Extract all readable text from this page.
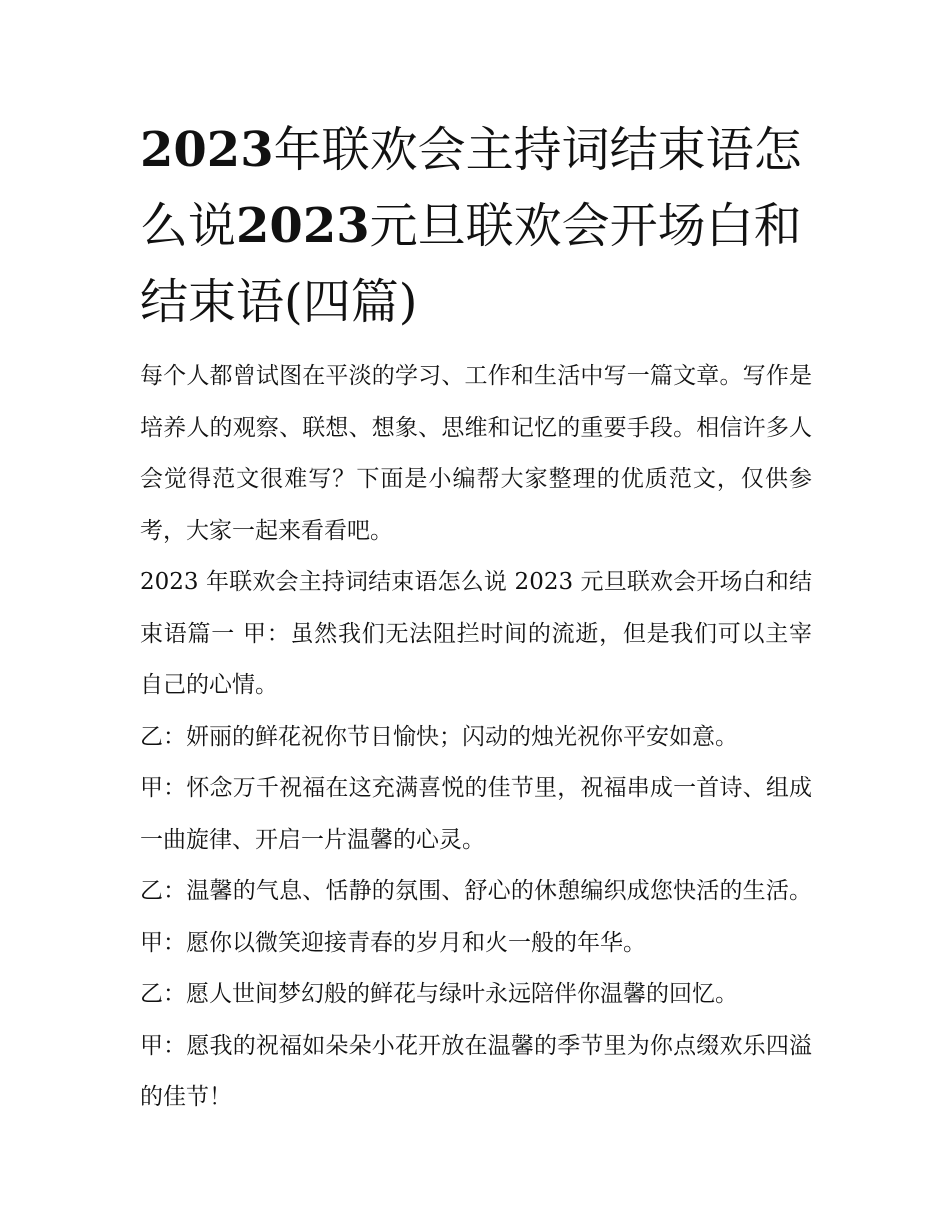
2023年联欢会主持词结束语怎么说2023元旦联欢会开场白和结束语(四篇)

每个人都曾试图在平淡的学习、工作和生活中写一篇文章。写作是培养人的观察、联想、想象、思维和记忆的重要手段。相信许多人会觉得范文很难写？下面是小编帮大家整理的优质范文，仅供参考，大家一起来看看吧。

2023 年联欢会主持词结束语怎么说 2023 元旦联欢会开场白和结束语篇一 甲：虽然我们无法阻拦时间的流逝，但是我们可以主宰自己的心情。

乙：妍丽的鲜花祝你节日愉快；闪动的烛光祝你平安如意。

甲：怀念万千祝福在这充满喜悦的佳节里，祝福串成一首诗、组成一曲旋律、开启一片温馨的心灵。

乙：温馨的气息、恬静的氛围、舒心的休憩编织成您快活的生活。 甲：愿你以微笑迎接青春的岁月和火一般的年华。

乙：愿人世间梦幻般的鲜花与绿叶永远陪伴你温馨的回忆。

甲：愿我的祝福如朵朵小花开放在温馨的季节里为你点缀欢乐四溢的佳节！
